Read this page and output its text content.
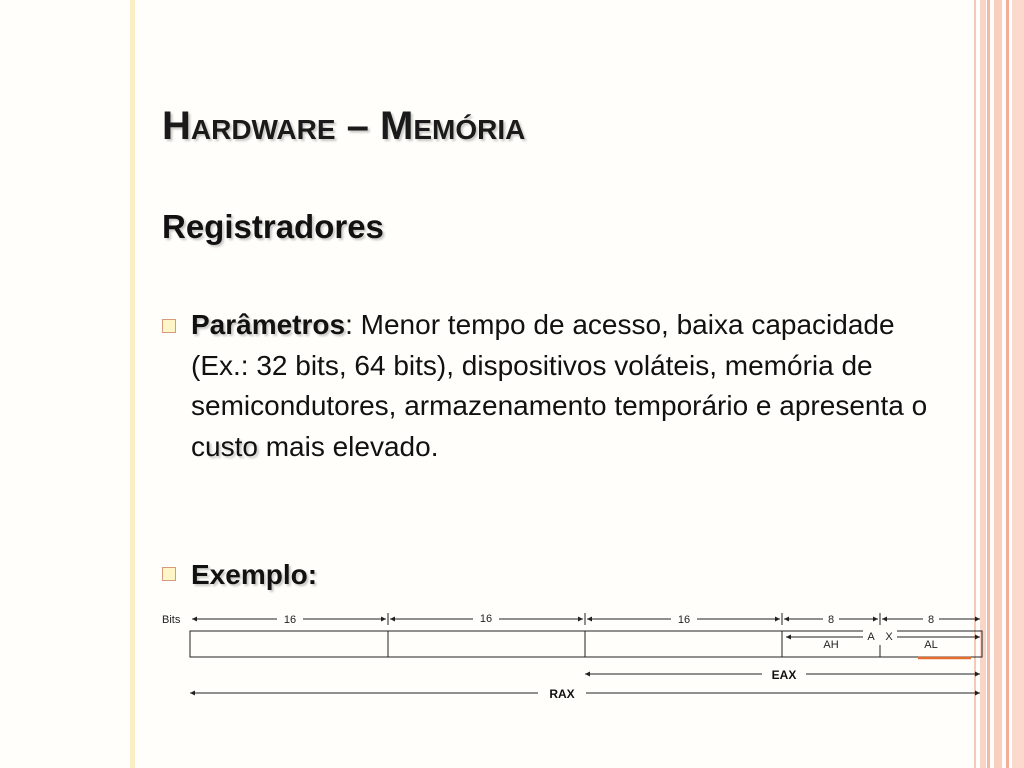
Hardware – Memória
Registradores
Parâmetros: Menor tempo de acesso, baixa capacidade (Ex.: 32 bits, 64 bits), dispositivos voláteis, memória de semicondutores, armazenamento temporário e apresenta o custo mais elevado.
Exemplo:
Bits	16	16	16	8	8
A X
AH	AL
EAX
RAX
